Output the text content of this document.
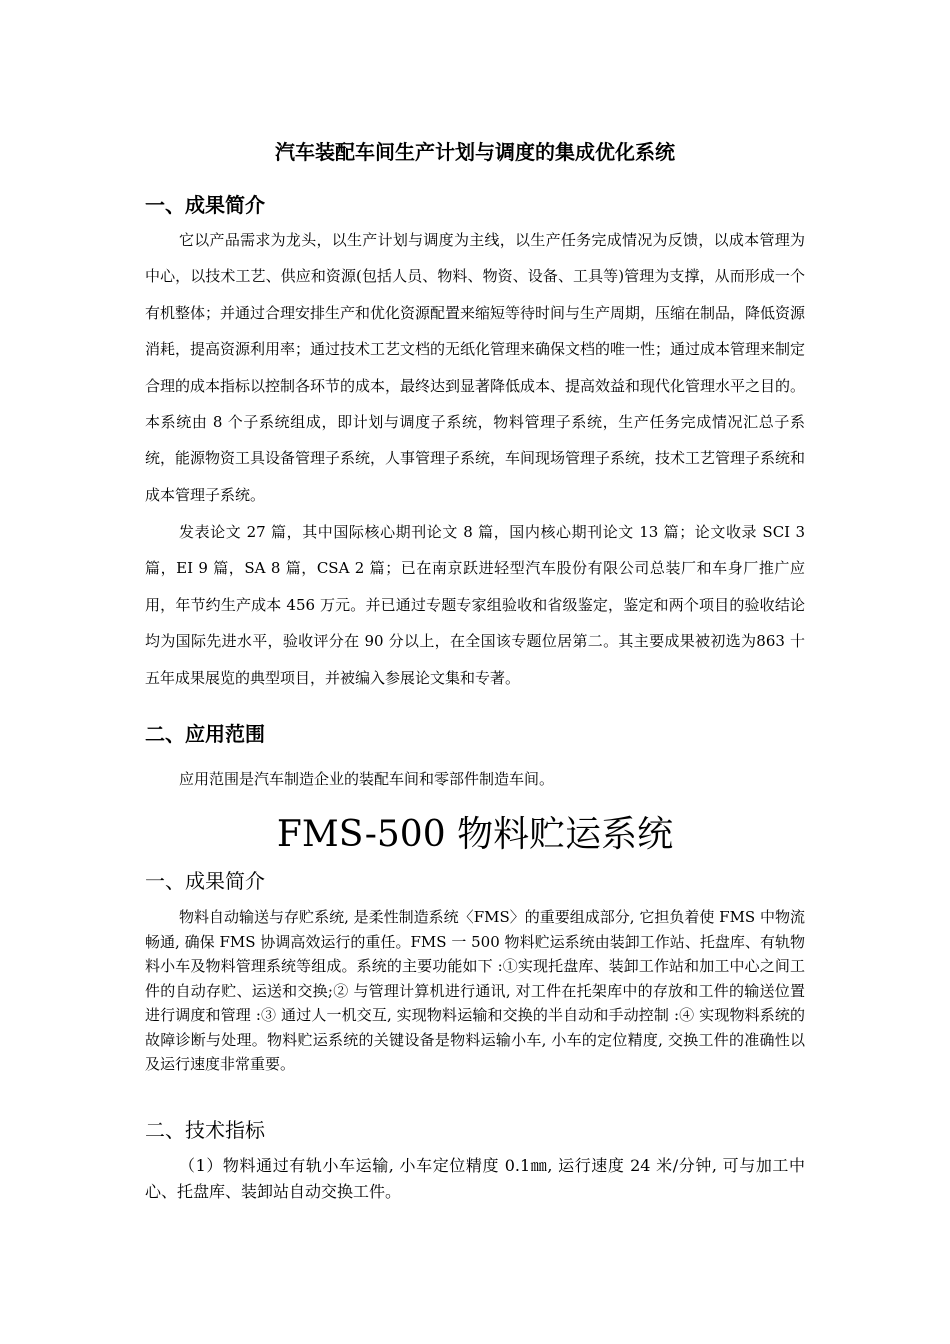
汽车装配车间生产计划与调度的集成优化系统
一、成果简介
它以产品需求为龙头，以生产计划与调度为主线，以生产任务完成情况为反馈，以成本管理为中心，以技术工艺、供应和资源(包括人员、物料、物资、设备、工具等)管理为支撑，从而形成一个有机整体；并通过合理安排生产和优化资源配置来缩短等待时间与生产周期，压缩在制品，降低资源消耗，提高资源利用率；通过技术工艺文档的无纸化管理来确保文档的唯一性；通过成本管理来制定合理的成本指标以控制各环节的成本，最终达到显著降低成本、提高效益和现代化管理水平之目的。本系统由 8 个子系统组成，即计划与调度子系统，物料管理子系统，生产任务完成情况汇总子系统，能源物资工具设备管理子系统，人事管理子系统，车间现场管理子系统，技术工艺管理子系统和成本管理子系统。
发表论文 27 篇，其中国际核心期刊论文 8 篇，国内核心期刊论文 13 篇；论文收录 SCI 3 篇，EI 9 篇，SA 8 篇，CSA 2 篇；已在南京跃进轻型汽车股份有限公司总装厂和车身厂推广应用，年节约生产成本 456 万元。并已通过专题专家组验收和省级鉴定，鉴定和两个项目的验收结论均为国际先进水平，验收评分在 90 分以上，在全国该专题位居第二。其主要成果被初选为863 十五年成果展览的典型项目，并被编入参展论文集和专著。
二、应用范围
应用范围是汽车制造企业的装配车间和零部件制造车间。
FMS-500 物料贮运系统
一、成果简介
物料自动输送与存贮系统, 是柔性制造系统〈FMS〉的重要组成部分, 它担负着使 FMS 中物流畅通, 确保 FMS 协调高效运行的重任。FMS 一 500 物料贮运系统由装卸工作站、托盘库、有轨物料小车及物料管理系统等组成。系统的主要功能如下 :①实现托盘库、装卸工作站和加工中心之间工件的自动存贮、运送和交换;② 与管理计算机进行通讯, 对工件在托架库中的存放和工件的输送位置进行调度和管理 :③ 通过人一机交互, 实现物料运输和交换的半自动和手动控制 :④ 实现物料系统的故障诊断与处理。物料贮运系统的关键设备是物料运输小车, 小车的定位精度, 交换工件的准确性以及运行速度非常重要。
二、技术指标
（1）物料通过有轨小车运输, 小车定位精度 0.1㎜, 运行速度 24 米/分钟, 可与加工中心、托盘库、装卸站自动交换工件。
